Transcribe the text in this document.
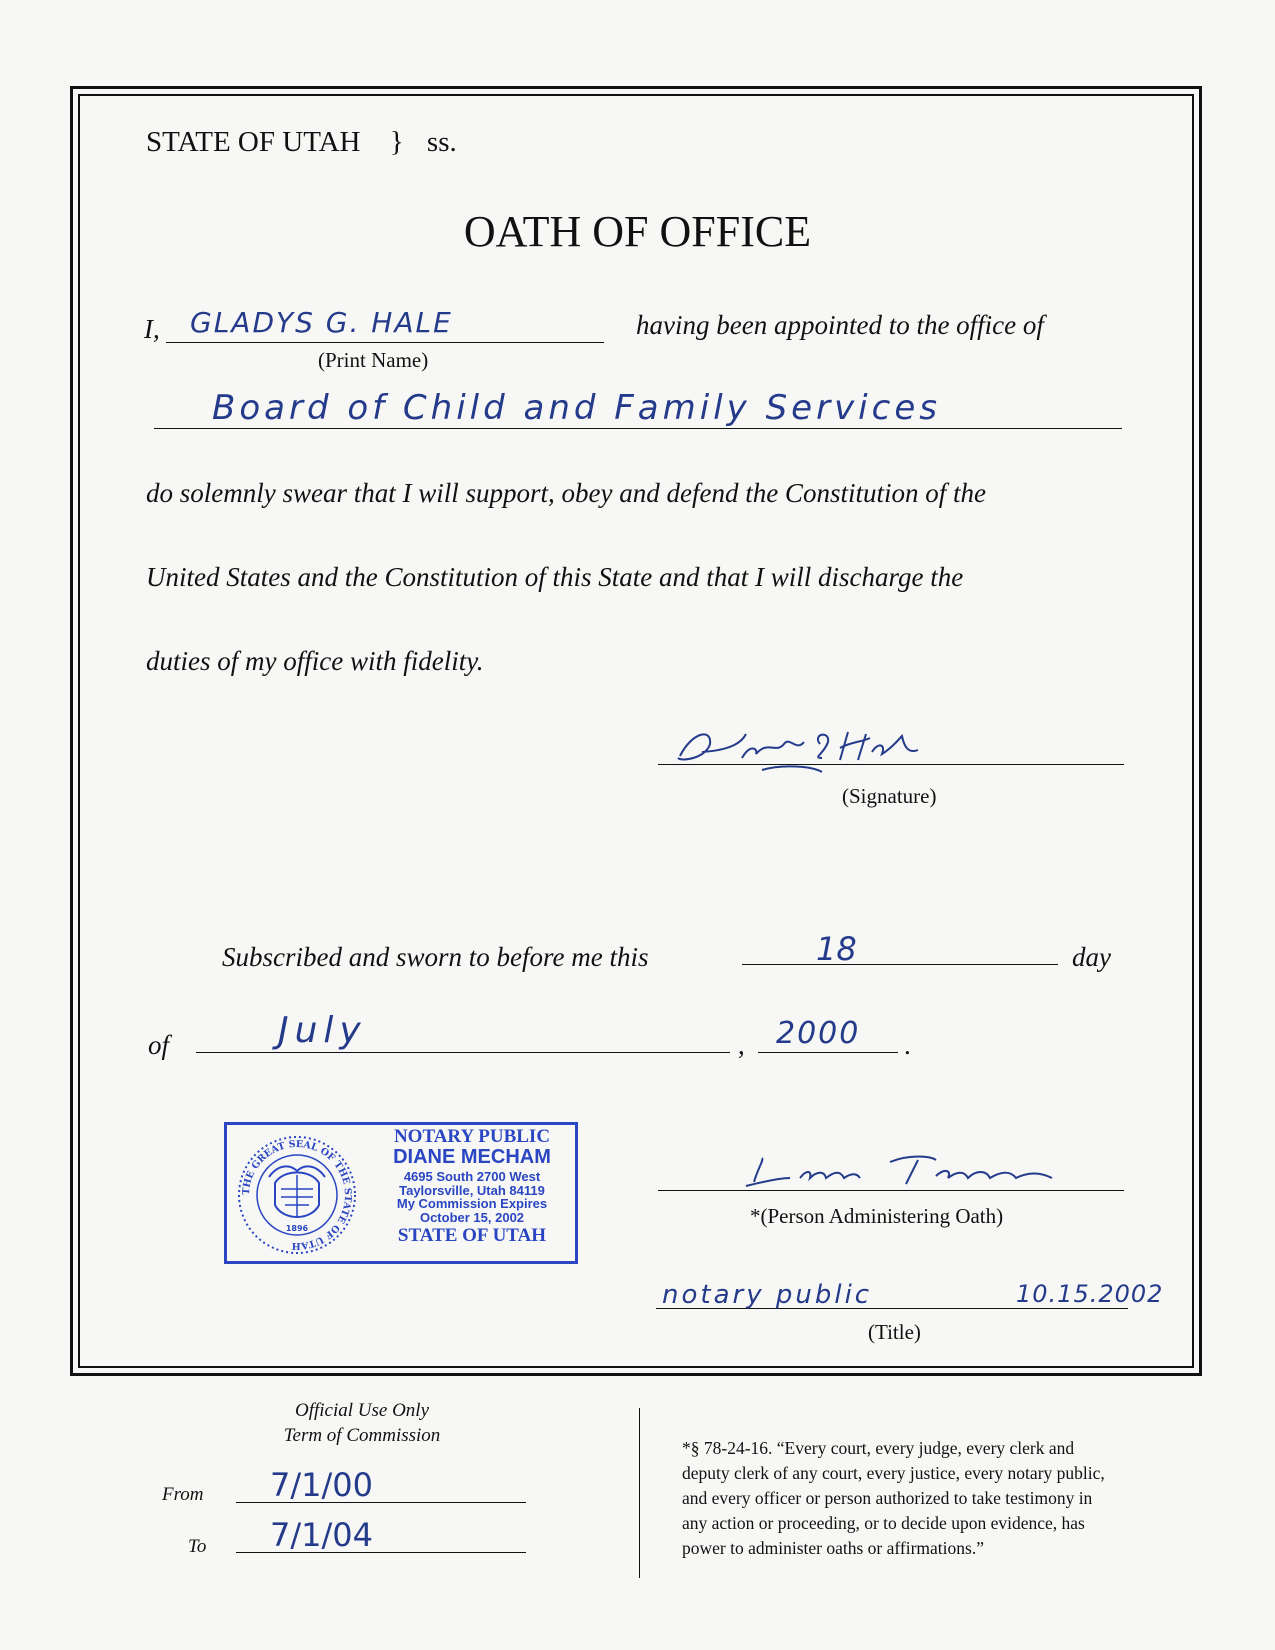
STATE OF UTAH } ss.
OATH OF OFFICE
I, GLADYS G. HALE
(Print Name)
having been appointed to the office of
Board of Child and Family Services
do solemnly swear that I will support, obey and defend the Constitution of the
United States and the Constitution of this State and that I will discharge the
duties of my office with fidelity.
(Signature)
Subscribed and sworn to before me this	18	day
of	July	, 2000 .
THE GREAT SEAL OF THE STATE OF UTAH
1896
NOTARY PUBLIC
DIANE MECHAM
4695 South 2700 West
Taylorsville, Utah 84119
My Commission Expires
October 15, 2002
STATE OF UTAH
*(Person Administering Oath)
notary public	10.15.2002
(Title)
Official Use Only
Term of Commission
From 7/1/00
To 7/1/04
*§ 78-24-16. “Every court, every judge, every clerk and
deputy clerk of any court, every justice, every notary public,
and every officer or person authorized to take testimony in
any action or proceeding, or to decide upon evidence, has
power to administer oaths or affirmations.”
